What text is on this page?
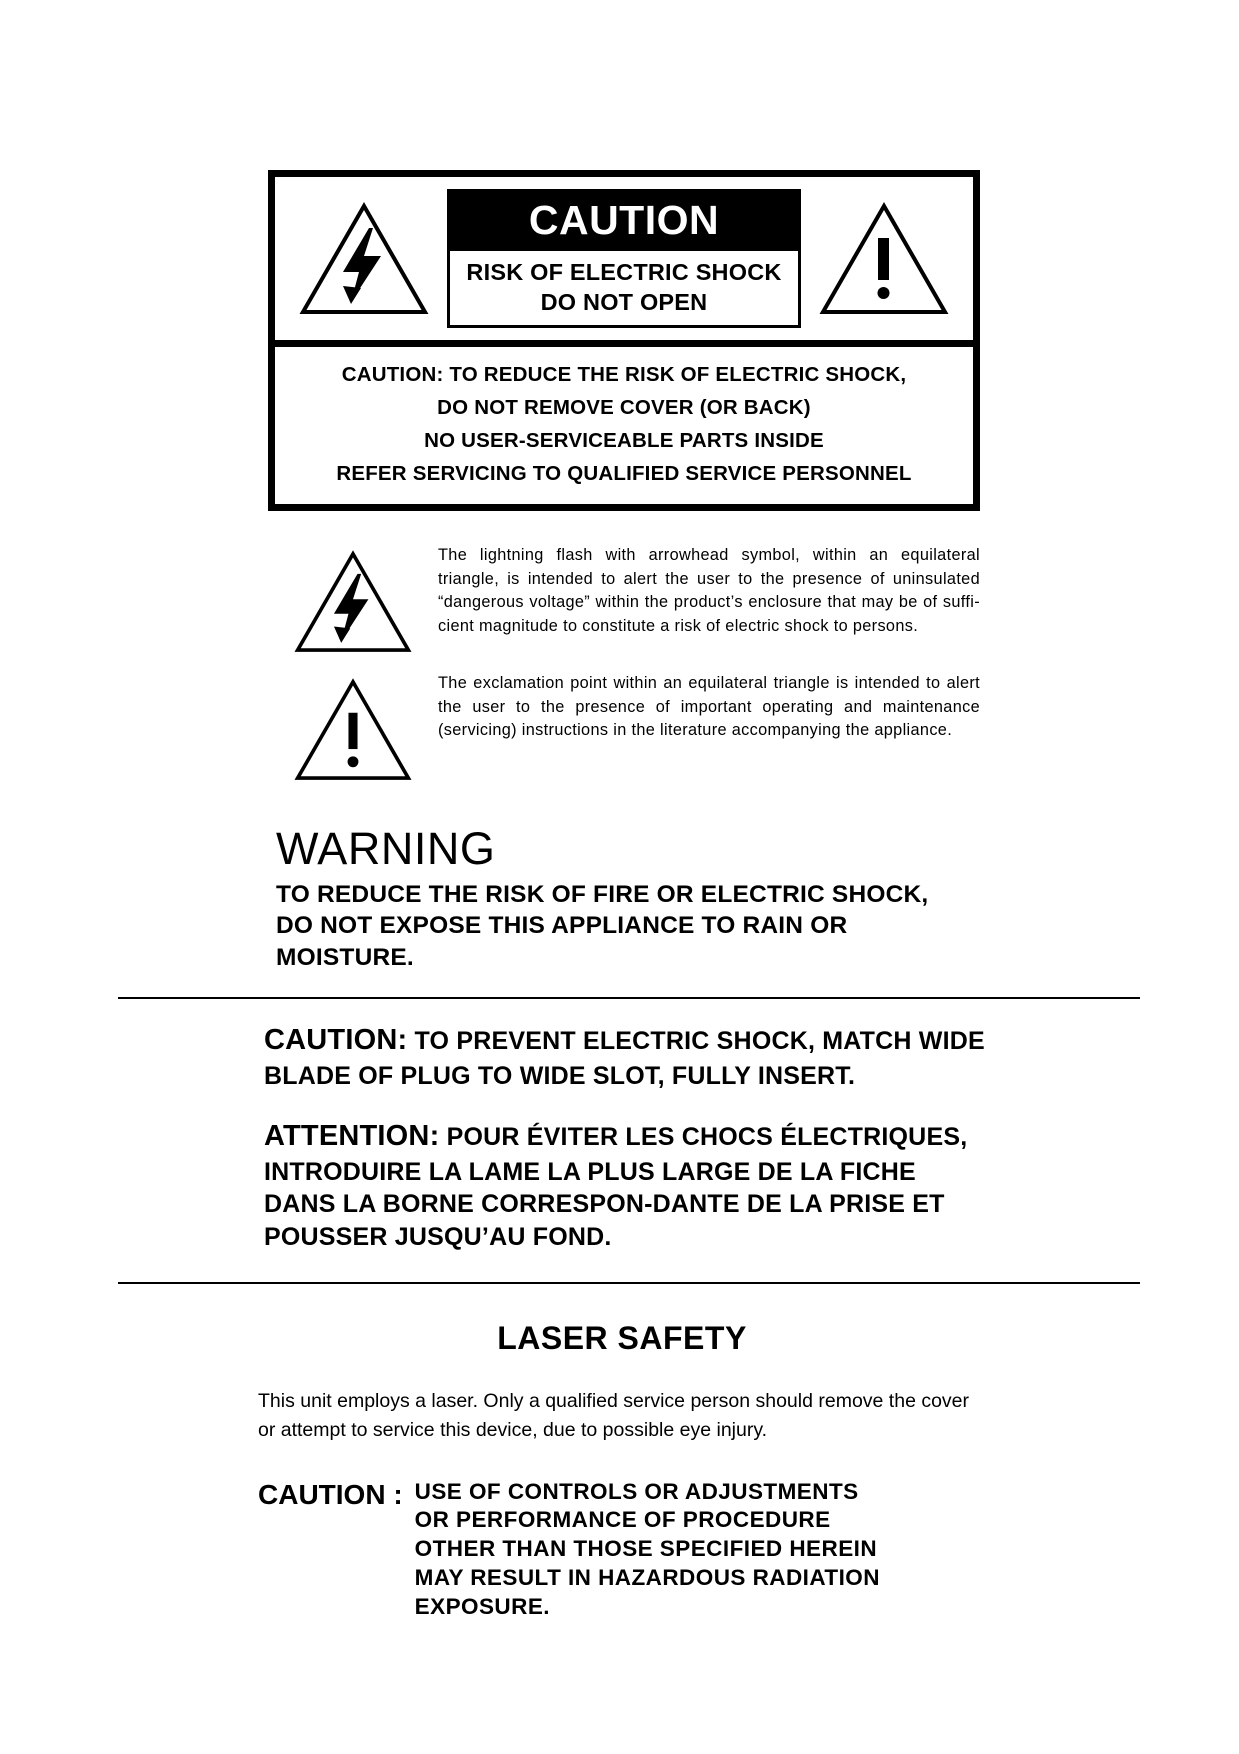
CAUTION
RISK OF ELECTRIC SHOCK
DO NOT OPEN

CAUTION: TO REDUCE THE RISK OF ELECTRIC SHOCK,

DO NOT REMOVE COVER (OR BACK)

NO USER-SERVICEABLE PARTS INSIDE

REFER SERVICING TO QUALIFIED SERVICE PERSONNEL

The lightning flash with arrowhead symbol, within an equilateral triangle, is intended to alert the user to the presence of uninsulated “dangerous voltage” within the product’s enclosure that may be of suffi-cient magnitude to constitute a risk of electric shock to persons.
The exclamation point within an equilateral triangle is intended to alert the user to the presence of important operating and maintenance (servicing) instructions in the literature accompanying the appliance.
WARNING
TO REDUCE THE RISK OF FIRE OR ELECTRIC SHOCK,
DO NOT EXPOSE THIS APPLIANCE TO RAIN OR MOISTURE.

CAUTION: TO PREVENT ELECTRIC SHOCK, MATCH WIDE BLADE OF PLUG TO WIDE SLOT, FULLY INSERT.

ATTENTION: POUR ÉVITER LES CHOCS ÉLECTRIQUES, INTRODUIRE LA LAME LA PLUS LARGE DE LA FICHE DANS LA BORNE CORRESPON-DANTE DE LA PRISE ET POUSSER JUSQU’AU FOND.

LASER SAFETY
This unit employs a laser. Only a qualified service person should remove the cover or attempt to service this device, due to possible eye injury.
CAUTION : USE OF CONTROLS OR ADJUSTMENTS
OR PERFORMANCE OF PROCEDURE
OTHER THAN THOSE SPECIFIED HEREIN
MAY RESULT IN HAZARDOUS RADIATION
EXPOSURE.
